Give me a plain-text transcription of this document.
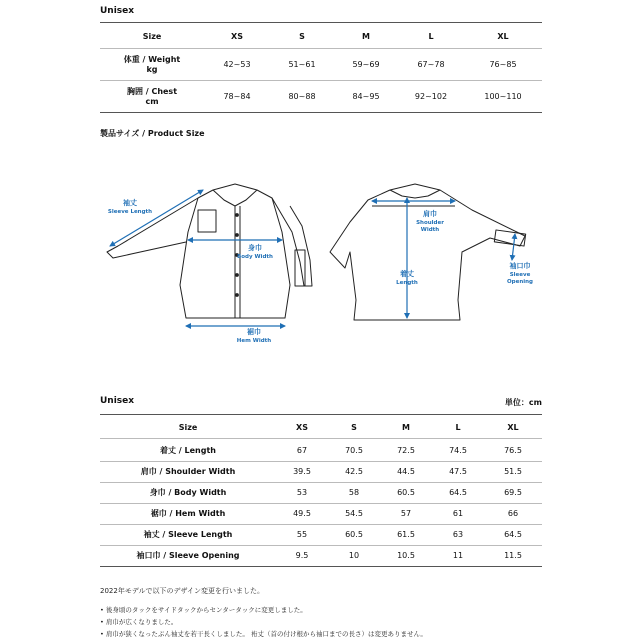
Unisex
Size	XS	S	M	L	XL
体重 / Weight
kg
42~53	51~61	59~69	67~78	76~85
胸囲 / Chest
cm
78~84	80~88	84~95	92~102	100~110
製品サイズ / Product Size
袖丈
Sleeve Length
身巾
Body Width
裾巾
Hem Width
肩巾
Shoulder
Width
着丈
Length
袖口巾
Sleeve
Opening
Unisex	単位：cm
Size	XS	S	M	L	XL
着丈 / Length	67	70.5	72.5	74.5	76.5
肩巾 / Shoulder Width	39.5	42.5	44.5	47.5	51.5
身巾 / Body Width	53	58	60.5	64.5	69.5
裾巾 / Hem Width	49.5	54.5	57	61	66
袖丈 / Sleeve Length	55	60.5	61.5	63	64.5
袖口巾 / Sleeve Opening	9.5	10	10.5	11	11.5
2022年モデルで以下のデザイン変更を行いました。
• 後身頃のタックをサイドタックからセンタータックに変更しました。
• 肩巾が広くなりました。
• 肩巾が狭くなったぶん袖丈を若干長くしました。 裄丈（首の付け根から袖口までの長さ）は変更ありません。
